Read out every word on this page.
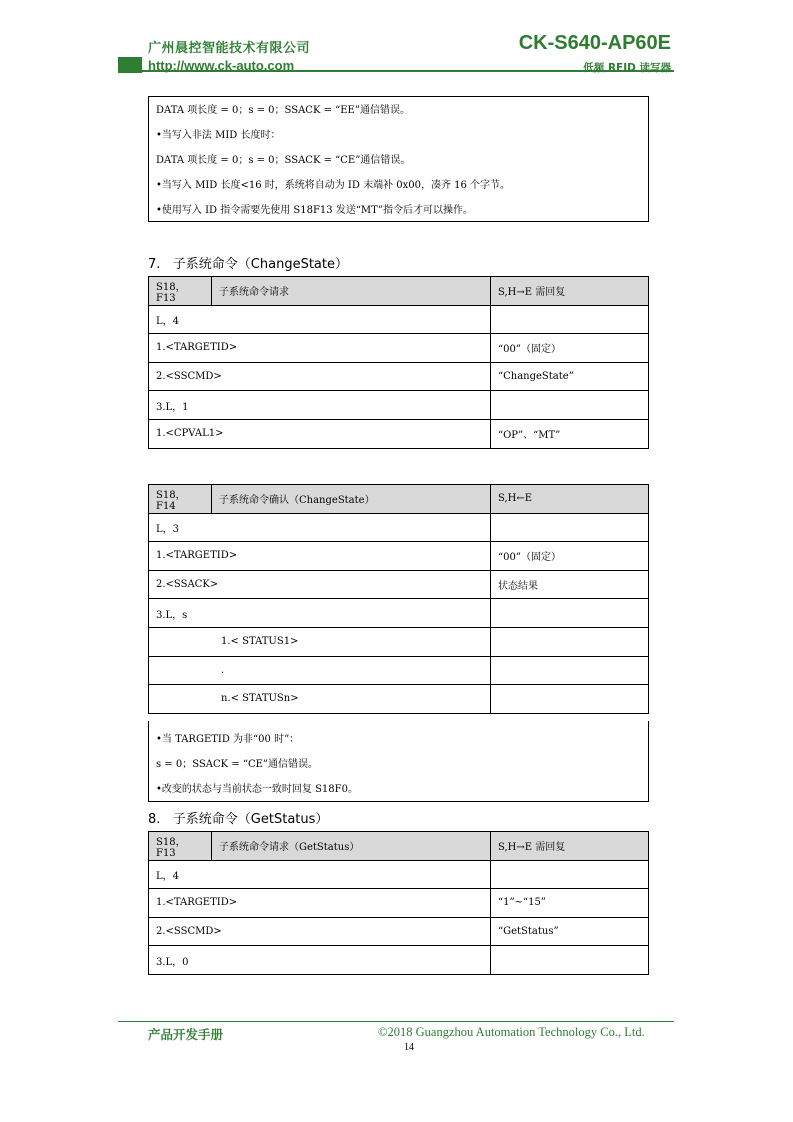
广州晨控智能技术有限公司	CK-S640-AP60E
http://www.ck-auto.com	低频 RFID 读写器
DATA 项长度 = 0；s = 0；SSACK = “EE”通信错误。
•当写入非法 MID 长度时：
DATA 项长度 = 0；s = 0；SSACK = “CE”通信错误。
•当写入 MID 长度<16 时，系统将自动为 ID 末端补 0x00，凑齐 16 个字节。
•使用写入 ID 指令需要先使用 S18F13 发送“MT”指令后才可以操作。
7.   子系统命令（ChangeState）
S18，F13	子系统命令请求	S,H→E 需回复
L，4		
1.<TARGETID>		“00”（固定）
2.<SSCMD>		“ChangeState”
3.L，1		
1.<CPVAL1>		“OP”、“MT”
S18，F14	子系统命令确认（ChangeState）	S,H←E
L，3		
1.<TARGETID>		“00”（固定）
2.<SSACK>		状态结果
3.L，s		
1.< STATUS1>		
.		
n.< STATUSn>		
•当 TARGETID 为非“00 时”：
s = 0；SSACK = “CE”通信错误。
•改变的状态与当前状态一致时回复 S18F0。
8.   子系统命令（GetStatus）
S18，F13	子系统命令请求（GetStatus）	S,H→E 需回复
L，4		
1.<TARGETID>		“1”~“15”
2.<SSCMD>		“GetStatus”
3.L，0		
产品开发手册	©2018 Guangzhou Automation Technology Co., Ltd.
14
